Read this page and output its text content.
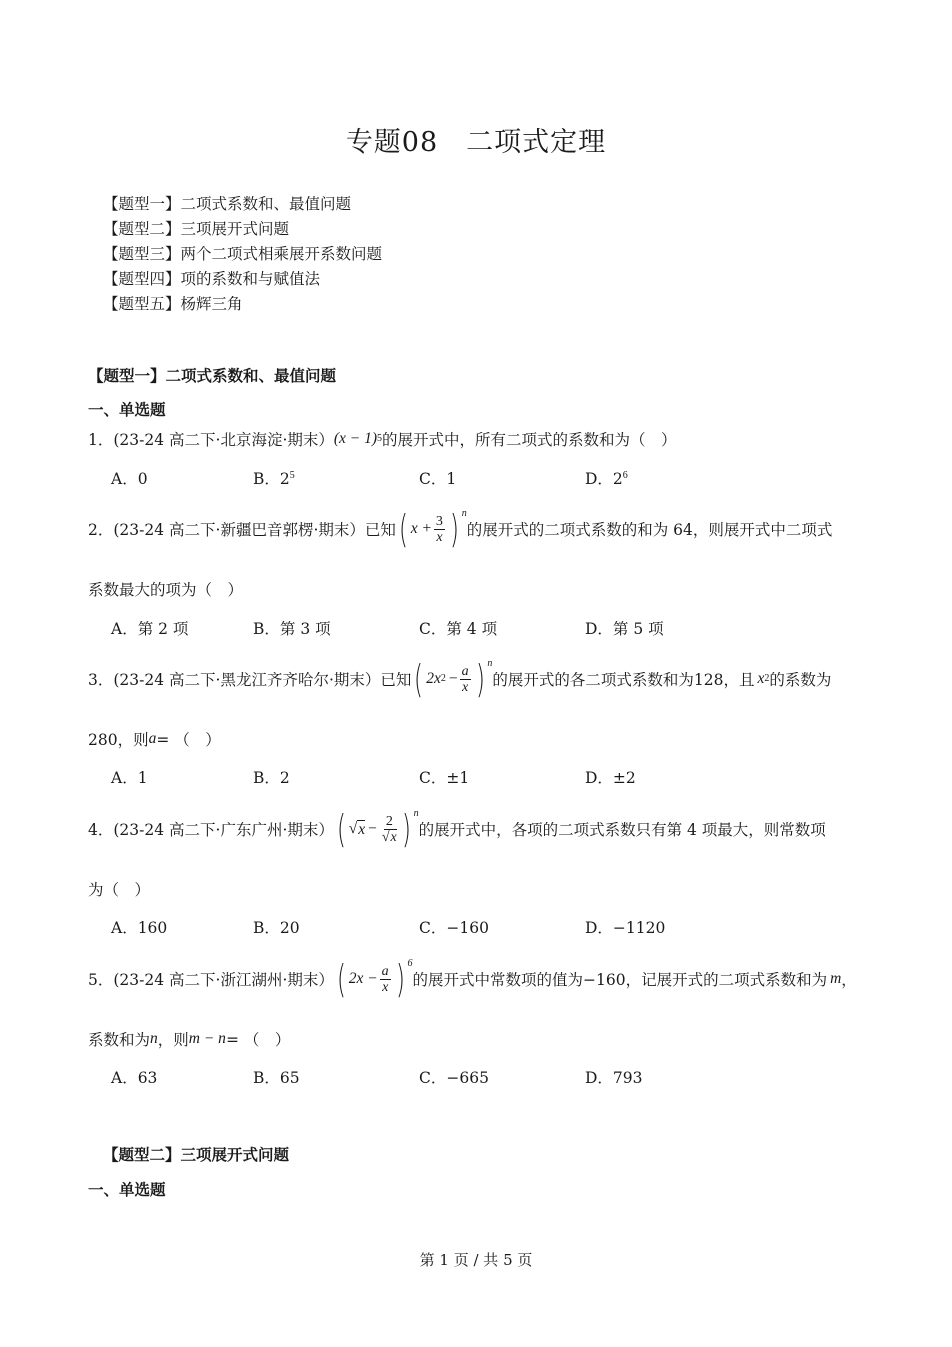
专题08　二项式定理
【题型一】二项式系数和、最值问题
【题型二】三项展开式问题
【题型三】两个二项式相乘展开系数问题
【题型四】项的系数和与赋值法
【题型五】杨辉三角
【题型一】二项式系数和、最值问题
一、单选题
1．(23-24 高二下·北京海淀·期末） (x − 1) 5 的展开式中，所有二项式的系数和为（　）
A．0	B．$2^5$	C．1	D．$2^6$
2．(23-24 高二下·新疆巴音郭楞·期末）已知 ( $x + \frac{3}{x}$ ) n
的展开式的二项式系数的和为 64，则展开式中二项式
系数最大的项为（　）
A．第 2 项	B．第 3 项	C．第 4 项	D．第 5 项
3．(23-24 高二下·黑龙江齐齐哈尔·期末）已知 ( 2x $2 - \frac{a}{x}$ ) n
的展开式的各二项式系数和为128，且 x 2 的系数为
280，则 a = （　）
A．1	B．2	C．±1	D．±2
4．(23-24 高二下·广东广州·期末） ( √ $x - \frac{2}{√x}$ ) n
的展开式中，各项的二项式系数只有第 4 项最大，则常数项
为（　）
A．160	B．20	C．−160	D．−1120
5．(23-24 高二下·浙江湖州·期末） ( $2x - \frac{a}{x}$ ) 6
的展开式中常数项的值为−160，记展开式的二项式系数和为 m ，
系数和为 n ，则 m − n = （　）
A．63	B．65	C．−665	D．793
【题型二】三项展开式问题
一、单选题
第 1 页 / 共 5 页
